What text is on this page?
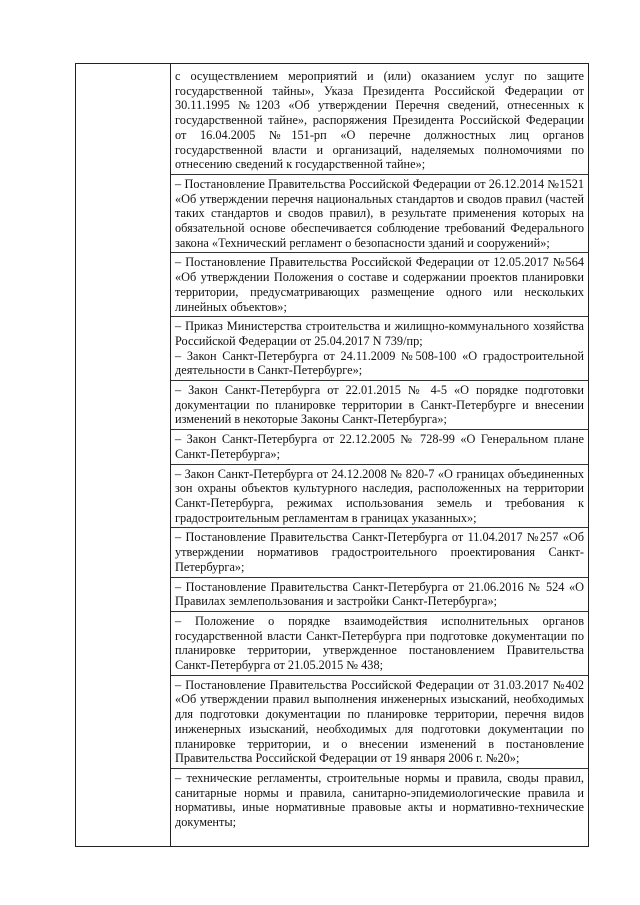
с осуществлением мероприятий и (или) оказанием услуг по защите государственной тайны», Указа Президента Российской Федерации от 30.11.1995 №1203 «Об утверждении Перечня сведений, отнесенных к государственной тайне», распоряжения Президента Российской Федерации от 16.04.2005 №151-рп «О перечне должностных лиц органов государственной власти и организаций, наделяемых полномочиями по отнесению сведений к государственной тайне»;

– Постановление Правительства Российской Федерации от 26.12.2014 №1521 «Об утверждении перечня национальных стандартов и сводов правил (частей таких стандартов и сводов правил), в результате применения которых на обязательной основе обеспечивается соблюдение требований Федерального закона «Технический регламент о безопасности зданий и сооружений»;

– Постановление Правительства Российской Федерации от 12.05.2017 №564 «Об утверждении Положения о составе и содержании проектов планировки территории, предусматривающих размещение одного или нескольких линейных объектов»;

– Приказ Министерства строительства и жилищно-коммунального хозяйства Российской Федерации от 25.04.2017 N 739/пр;

– Закон Санкт-Петербурга от 24.11.2009 №508-100 «О градостроительной деятельности в Санкт-Петербурге»;

– Закон Санкт-Петербурга от 22.01.2015 № 4-5 «О порядке подготовки документации по планировке территории в Санкт-Петербурге и внесении изменений в некоторые Законы Санкт-Петербурга»;

– Закон Санкт-Петербурга от 22.12.2005 № 728-99 «О Генеральном плане Санкт-Петербурга»;

– Закон Санкт-Петербурга от 24.12.2008 № 820-7 «О границах объединенных зон охраны объектов культурного наследия, расположенных на территории Санкт-Петербурга, режимах использования земель и требования к градостроительным регламентам в границах указанных»;

– Постановление Правительства Санкт-Петербурга от 11.04.2017 №257 «Об утверждении нормативов градостроительного проектирования Санкт-Петербурга»;

– Постановление Правительства Санкт-Петербурга от 21.06.2016 № 524 «О Правилах землепользования и застройки Санкт-Петербурга»;

– Положение о порядке взаимодействия исполнительных органов государственной власти Санкт-Петербурга при подготовке документации по планировке территории, утвержденное постановлением Правительства Санкт-Петербурга от 21.05.2015 № 438;

– Постановление Правительства Российской Федерации от 31.03.2017 №402 «Об утверждении правил выполнения инженерных изысканий, необходимых для подготовки документации по планировке территории, перечня видов инженерных изысканий, необходимых для подготовки документации по планировке территории, и о внесении изменений в постановление Правительства Российской Федерации от 19 января 2006 г. №20»;

– технические регламенты, строительные нормы и правила, своды правил, санитарные нормы и правила, санитарно-эпидемиологические правила и нормативы, иные нормативные правовые акты и нормативно-технические документы;
